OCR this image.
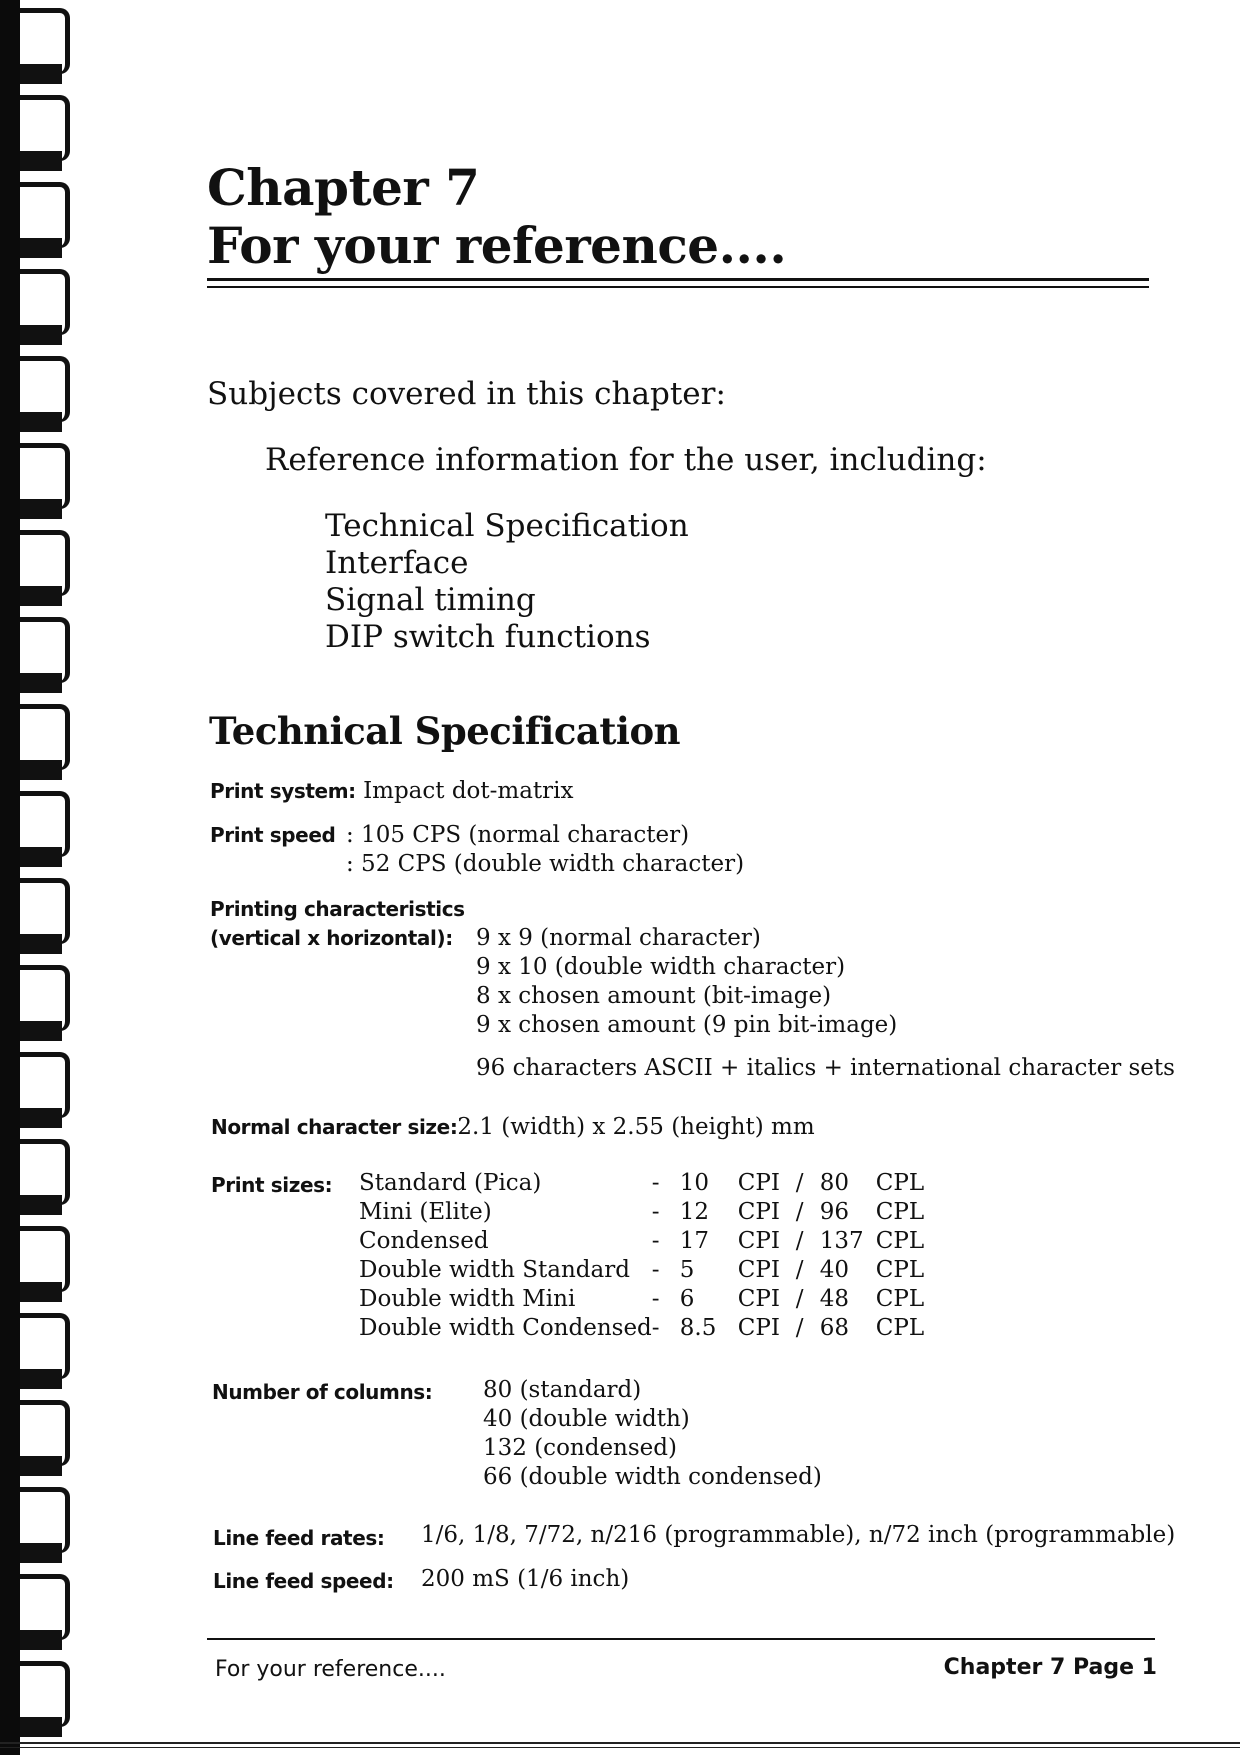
Chapter 7
For your reference....
Subjects covered in this chapter:
Reference information for the user, including:
Technical Specification
Interface
Signal timing
DIP switch functions
Technical Specification
Print system: Impact dot-matrix
Print speed : 105 CPS (normal character)
: 52 CPS (double width character)
Printing characteristics
(vertical x horizontal): 9 x 9 (normal character)
9 x 10 (double width character)
8 x chosen amount (bit-image)
9 x chosen amount (9 pin bit-image)
96 characters ASCII + italics + international character sets
Normal character size:2.1 (width) x 2.55 (height) mm
Print sizes: Standard (Pica)	-	10	CPI	/	80	CPL
Mini (Elite)	-	12	CPI	/	96	CPL
Condensed	-	17	CPI	/	137	CPL
Double width Standard	-	5	CPI	/	40	CPL
Double width Mini	-	6	CPI	/	48	CPL
Double width Condensed	-	8.5	CPI	/	68	CPL
Number of columns: 80 (standard)
40 (double width)
132 (condensed)
66 (double width condensed)
Line feed rates: 1/6, 1/8, 7/72, n/216 (programmable), n/72 inch (programmable)
Line feed speed: 200 mS (1/6 inch)
For your reference....	Chapter 7 Page 1
